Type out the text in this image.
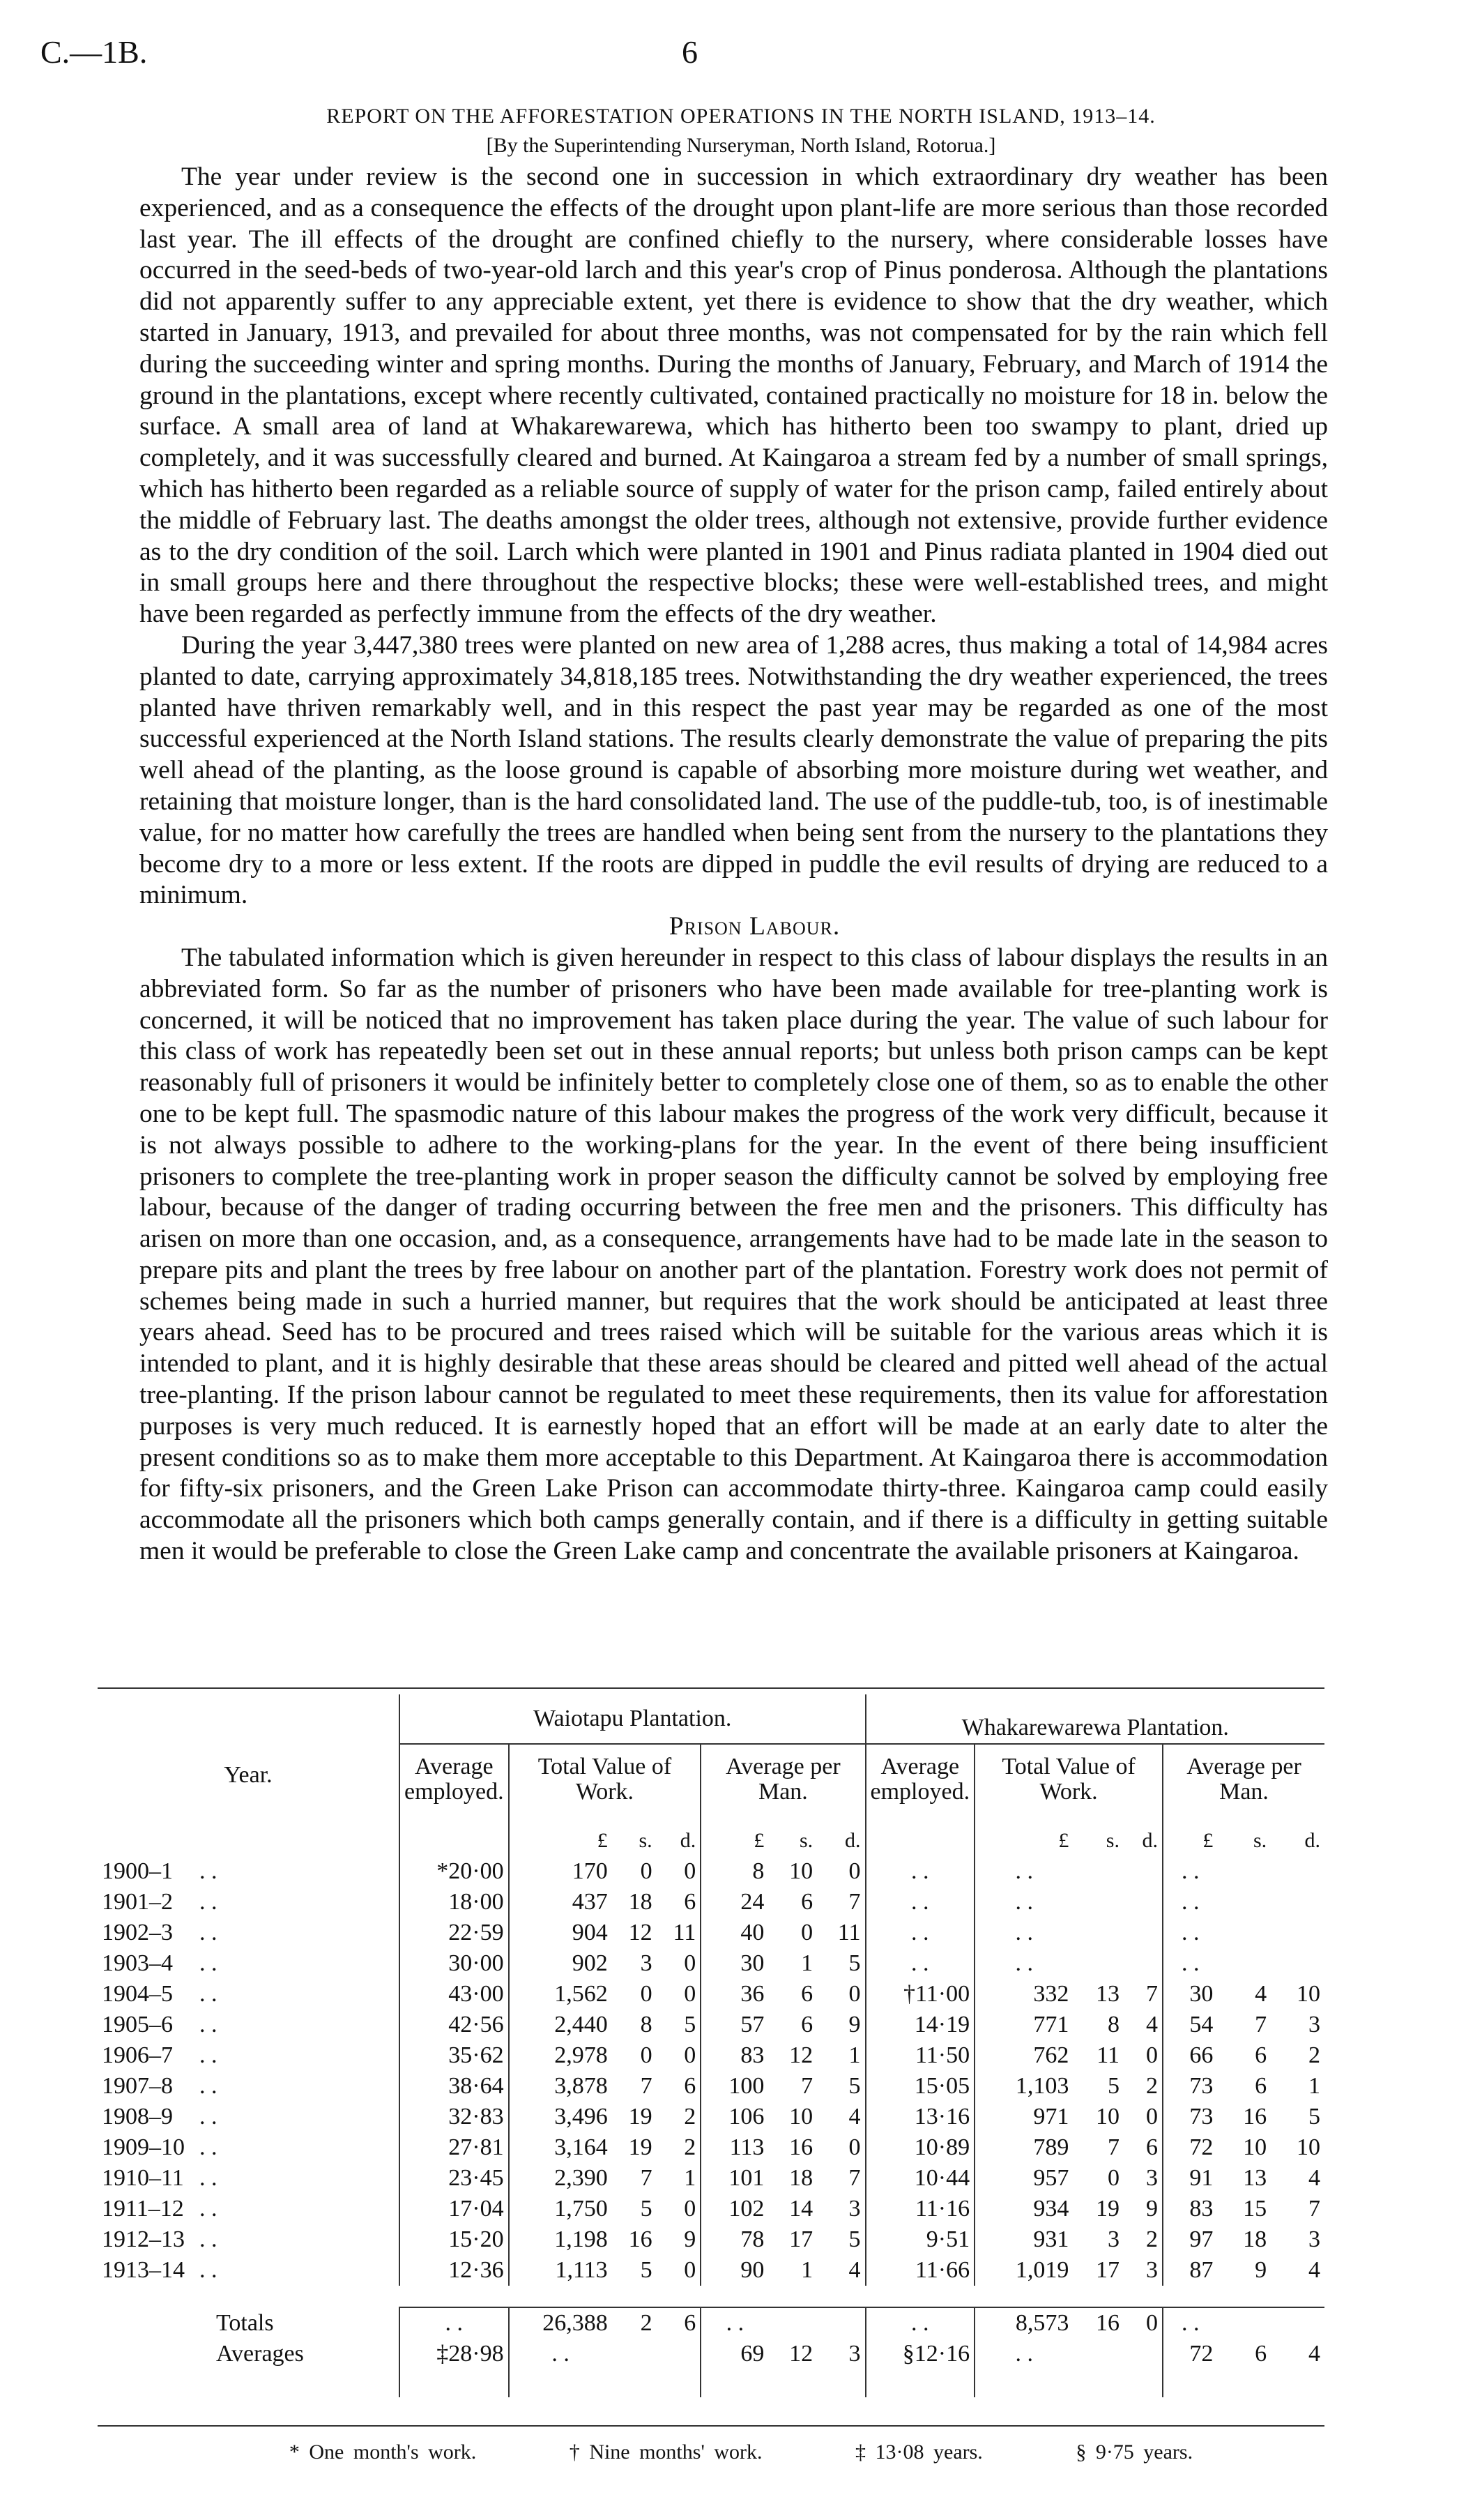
C.—1B.	6
REPORT ON THE AFFORESTATION OPERATIONS IN THE NORTH ISLAND, 1913–14.
[By the Superintending Nurseryman, North Island, Rotorua.]

The year under review is the second one in succession in which extraordinary dry weather has been experienced, and as a consequence the effects of the drought upon plant-life are more serious than those recorded last year. The ill effects of the drought are confined chiefly to the nursery, where considerable losses have occurred in the seed-beds of two-year-old larch and this year's crop of Pinus ponderosa. Although the plantations did not apparently suffer to any appreciable extent, yet there is evidence to show that the dry weather, which started in January, 1913, and prevailed for about three months, was not compensated for by the rain which fell during the succeeding winter and spring months. During the months of January, February, and March of 1914 the ground in the plantations, except where recently cultivated, contained practically no moisture for 18 in. below the surface. A small area of land at Whakarewarewa, which has hitherto been too swampy to plant, dried up completely, and it was successfully cleared and burned. At Kaingaroa a stream fed by a number of small springs, which has hitherto been regarded as a reliable source of supply of water for the prison camp, failed entirely about the middle of February last. The deaths amongst the older trees, although not extensive, provide further evidence as to the dry condition of the soil. Larch which were planted in 1901 and Pinus radiata planted in 1904 died out in small groups here and there throughout the respective blocks; these were well-established trees, and might have been regarded as perfectly immune from the effects of the dry weather.

During the year 3,447,380 trees were planted on new area of 1,288 acres, thus making a total of 14,984 acres planted to date, carrying approximately 34,818,185 trees. Notwithstanding the dry weather experienced, the trees planted have thriven remarkably well, and in this respect the past year may be regarded as one of the most successful experienced at the North Island stations. The results clearly demonstrate the value of preparing the pits well ahead of the planting, as the loose ground is capable of absorbing more moisture during wet weather, and retaining that moisture longer, than is the hard consolidated land. The use of the puddle-tub, too, is of inestimable value, for no matter how carefully the trees are handled when being sent from the nursery to the plantations they become dry to a more or less extent. If the roots are dipped in puddle the evil results of drying are reduced to a minimum.

Prison Labour.

The tabulated information which is given hereunder in respect to this class of labour displays the results in an abbreviated form. So far as the number of prisoners who have been made available for tree-planting work is concerned, it will be noticed that no improvement has taken place during the year. The value of such labour for this class of work has repeatedly been set out in these annual reports; but unless both prison camps can be kept reasonably full of prisoners it would be infinitely better to completely close one of them, so as to enable the other one to be kept full. The spasmodic nature of this labour makes the progress of the work very difficult, because it is not always possible to adhere to the working-plans for the year. In the event of there being insufficient prisoners to complete the tree-planting work in proper season the difficulty cannot be solved by employing free labour, because of the danger of trading occurring between the free men and the prisoners. This difficulty has arisen on more than one occasion, and, as a consequence, arrangements have had to be made late in the season to prepare pits and plant the trees by free labour on another part of the plantation. Forestry work does not permit of schemes being made in such a hurried manner, but requires that the work should be anticipated at least three years ahead. Seed has to be procured and trees raised which will be suitable for the various areas which it is intended to plant, and it is highly desirable that these areas should be cleared and pitted well ahead of the actual tree-planting. If the prison labour cannot be regulated to meet these requirements, then its value for afforestation purposes is very much reduced. It is earnestly hoped that an effort will be made at an early date to alter the present conditions so as to make them more acceptable to this Department. At Kaingaroa there is accommodation for fifty-six prisoners, and the Green Lake Prison can accommodate thirty-three. Kaingaroa camp could easily accommodate all the prisoners which both camps generally contain, and if there is a difficulty in getting suitable men it would be preferable to close the Green Lake camp and concentrate the available prisoners at Kaingaroa.

Year.	Waiotapu Plantation.							Whakarewarewa Plantation.						
	Average employed.	Total Value of Work.			Average per Man.			Average employed.	Total Value of Work.			Average per Man.		
		£	s.	d.	£	s.	d.		£	s.	d.	£	s.	d.
1900–1 . .	*20·00	170	0	0	8	10	0	. .	. .			. .		
1901–2 . .	18·00	437	18	6	24	6	7	. .	. .			. .		
1902–3 . .	22·59	904	12	11	40	0	11	. .	. .			. .		
1903–4 . .	30·00	902	3	0	30	1	5	. .	. .			. .		
1904–5 . .	43·00	1,562	0	0	36	6	0	†11·00	332	13	7	30	4	10
1905–6 . .	42·56	2,440	8	5	57	6	9	14·19	771	8	4	54	7	3
1906–7 . .	35·62	2,978	0	0	83	12	1	11·50	762	11	0	66	6	2
1907–8 . .	38·64	3,878	7	6	100	7	5	15·05	1,103	5	2	73	6	1
1908–9 . .	32·83	3,496	19	2	106	10	4	13·16	971	10	0	73	16	5
1909–10 . .	27·81	3,164	19	2	113	16	0	10·89	789	7	6	72	10	10
1910–11 . .	23·45	2,390	7	1	101	18	7	10·44	957	0	3	91	13	4
1911–12 . .	17·04	1,750	5	0	102	14	3	11·16	934	19	9	83	15	7
1912–13 . .	15·20	1,198	16	9	78	17	5	9·51	931	3	2	97	18	3
1913–14 . .	12·36	1,113	5	0	90	1	4	11·66	1,019	17	3	87	9	4

Totals	. .	26,388	2	6	. .			. .	8,573	16	0	. .		
Averages	‡28·98	. .			69	12	3	§12·16	. .			72	6	4

* One month's work.	† Nine months' work.	‡ 13·08 years.	§ 9·75 years.
